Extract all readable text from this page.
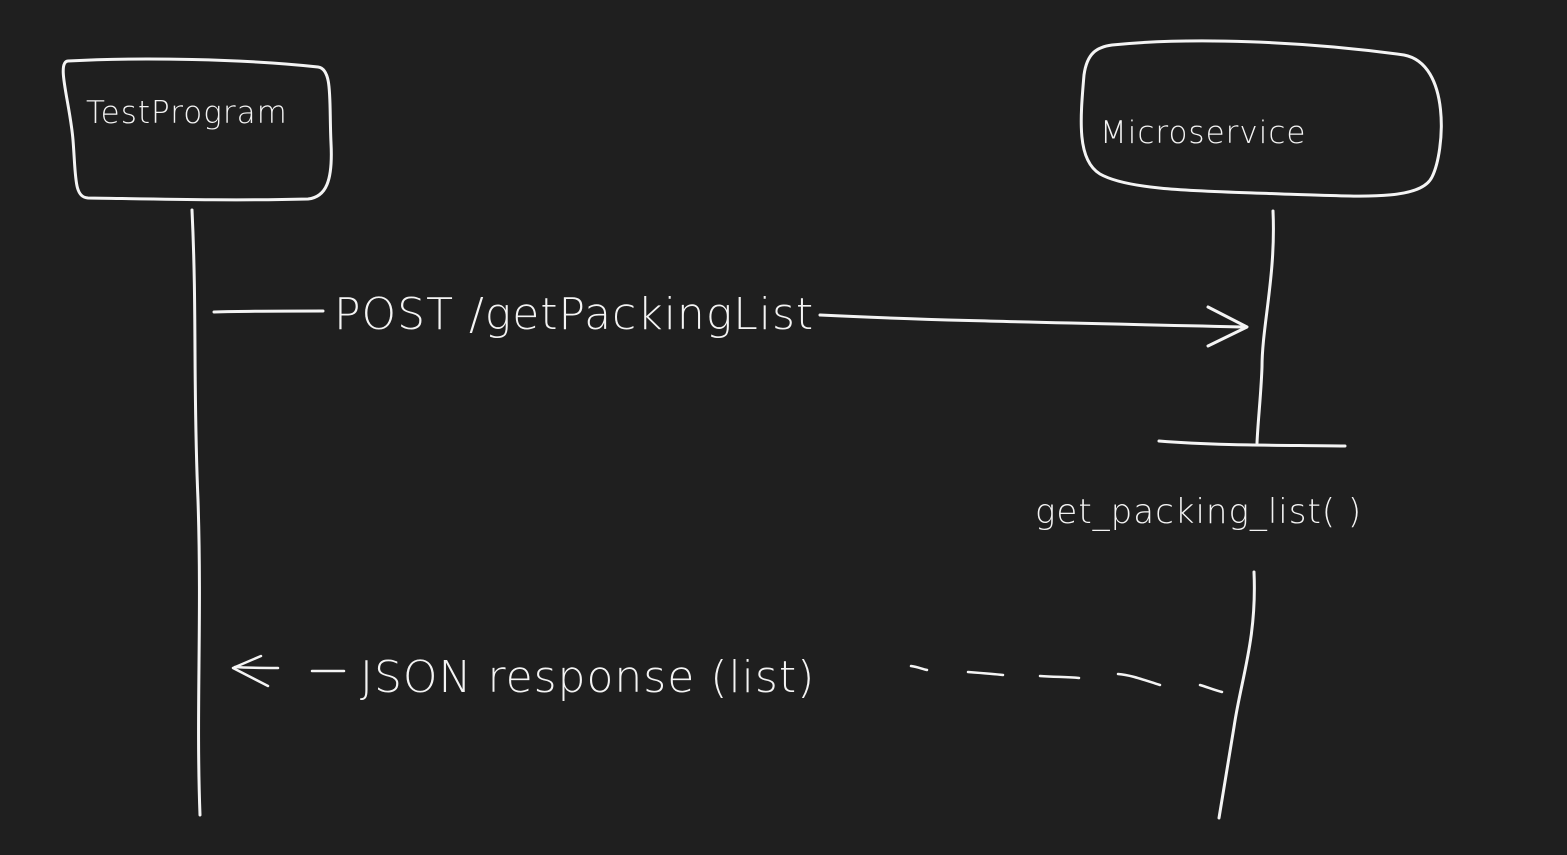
TestProgram
Microservice
POST /getPackingList
get_packing_list( )
JSON response (list)
